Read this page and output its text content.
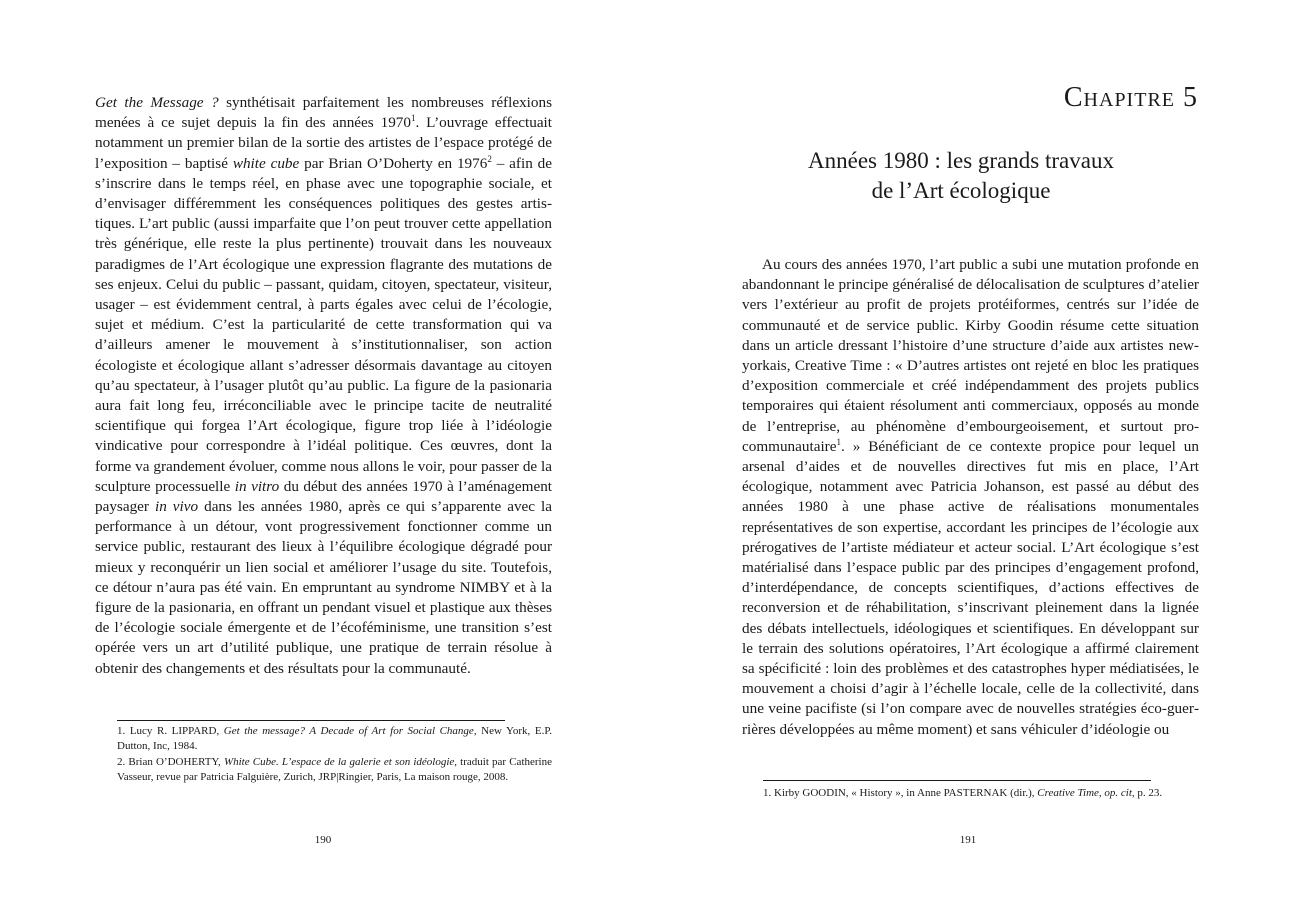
Get the Message ? synthétisait parfaitement les nombreuses réflexions menées à ce sujet depuis la fin des années 1970$^1$. L’ouvrage effectuait notamment un premier bilan de la sortie des artistes de l’espace protégé de l’exposition – baptisé white cube par Brian O’Doherty en 1976$^2$ – afin de s’inscrire dans le temps réel, en phase avec une topographie sociale, et d’envisager différemment les conséquences politiques des gestes artistiques. L’art public (aussi imparfaite que l’on peut trouver cette appellation très générique, elle reste la plus pertinente) trouvait dans les nouveaux paradigmes de l’Art écologique une expression flagrante des mutations de ses enjeux. Celui du public – passant, quidam, citoyen, spectateur, visiteur, usager – est évidemment central, à parts égales avec celui de l’écologie, sujet et médium. C’est la particularité de cette transformation qui va d’ailleurs amener le mouvement à s’institutionnaliser, son action écologiste et écologique allant s’adresser désormais davantage au citoyen qu’au spectateur, à l’usager plutôt qu’au public. La figure de la pasionaria aura fait long feu, irréconciliable avec le principe tacite de neutralité scientifique qui forgea l’Art écologique, figure trop liée à l’idéologie vindicative pour correspondre à l’idéal politique. Ces œuvres, dont la forme va grandement évoluer, comme nous allons le voir, pour passer de la sculpture processuelle in vitro du début des années 1970 à l’aménagement paysager in vivo dans les années 1980, après ce qui s’apparente avec la performance à un détour, vont progressivement fonctionner comme un service public, restaurant des lieux à l’équilibre écologique dégradé pour mieux y reconquérir un lien social et améliorer l’usage du site. Toutefois, ce détour n’aura pas été vain. En empruntant au syndrome NIMBY et à la figure de la pasionaria, en offrant un pendant visuel et plastique aux thèses de l’écologie sociale émergente et de l’écoféminisme, une transition s’est opérée vers un art d’utilité publique, une pratique de terrain résolue à obtenir des changements et des résultats pour la communauté.

1. Lucy R. LIPPARD, Get the message? A Decade of Art for Social Change, New York, E.P. Dutton, Inc, 1984.

2. Brian O’DOHERTY, White Cube. L’espace de la galerie et son idéologie, traduit par Catherine Vasseur, revue par Patricia Falguière, Zurich, JRP|Ringier, Paris, La maison rouge, 2008.

190
Chapitre 5
Années 1980 : les grands travaux
de l’Art écologique

Au cours des années 1970, l’art public a subi une mutation profonde en abandonnant le principe généralisé de délocalisation de sculptures d’atelier vers l’extérieur au profit de projets protéiformes, centrés sur l’idée de communauté et de service public. Kirby Goodin résume cette situation dans un article dressant l’histoire d’une structure d’aide aux artistes new-yorkais, Creative Time : « D’autres artistes ont rejeté en bloc les pratiques d’exposition commerciale et créé indépendamment des projets publics temporaires qui étaient résolument anti commerciaux, opposés au monde de l’entreprise, au phénomène d’embourgeoisement, et surtout pro-communautaire$^1$. » Bénéficiant de ce contexte propice pour lequel un arsenal d’aides et de nouvelles directives fut mis en place, l’Art écologique, notamment avec Patricia Johanson, est passé au début des années 1980 à une phase active de réalisations monumentales représentatives de son expertise, accordant les principes de l’écologie aux prérogatives de l’artiste médiateur et acteur social. L’Art écologique s’est matérialisé dans l’espace public par des principes d’engagement profond, d’interdépendance, de concepts scientifiques, d’actions effectives de reconversion et de réhabilitation, s’inscrivant pleinement dans la lignée des débats intellectuels, idéologiques et scientifiques. En développant sur le terrain des solutions opératoires, l’Art écologique a affirmé clairement sa spécificité : loin des problèmes et des catastrophes hyper médiatisées, le mouvement a choisi d’agir à l’échelle locale, celle de la collectivité, dans une veine pacifiste (si l’on compare avec de nouvelles stratégies éco-guerrières développées au même moment) et sans véhiculer d’idéologie ou

1. Kirby GOODIN, « History », in Anne PASTERNAK (dir.), Creative Time, op. cit, p. 23.

191
